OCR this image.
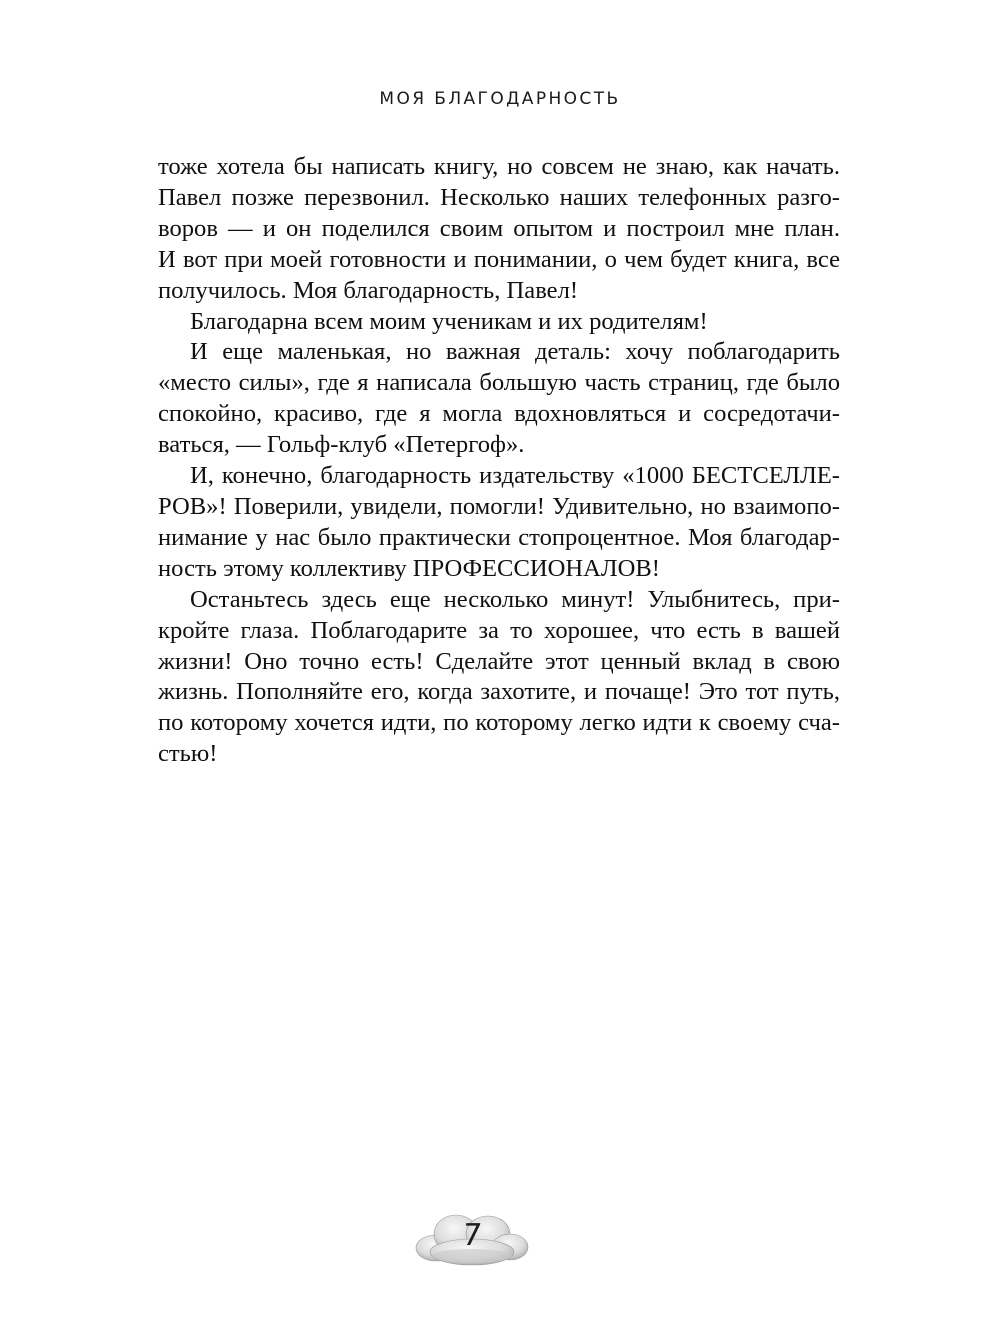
МОЯ БЛАГОДАРНОСТЬ
тоже хотела бы написать книгу, но совсем не знаю, как начать.
Павел позже перезвонил. Несколько наших телефонных разго-
воров — и он поделился своим опытом и построил мне план.
И вот при моей готовности и понимании, о чем будет книга, все
получилось. Моя благодарность, Павел!
Благодарна всем моим ученикам и их родителям!
И еще маленькая, но важная деталь: хочу поблагодарить
«место силы», где я написала большую часть страниц, где было
спокойно, красиво, где я могла вдохновляться и сосредотачи-
ваться, — Гольф-клуб «Петергоф».
И, конечно, благодарность издательству «1000 БЕСТСЕЛЛЕ-
РОВ»! Поверили, увидели, помогли! Удивительно, но взаимопо-
нимание у нас было практически стопроцентное. Моя благодар-
ность этому коллективу ПРОФЕССИОНАЛОВ!
Останьтесь здесь еще несколько минут! Улыбнитесь, при-
кройте глаза. Поблагодарите за то хорошее, что есть в вашей
жизни! Оно точно есть! Сделайте этот ценный вклад в свою
жизнь. Пополняйте его, когда захотите, и почаще! Это тот путь,
по которому хочется идти, по которому легко идти к своему сча-
стью!
7
